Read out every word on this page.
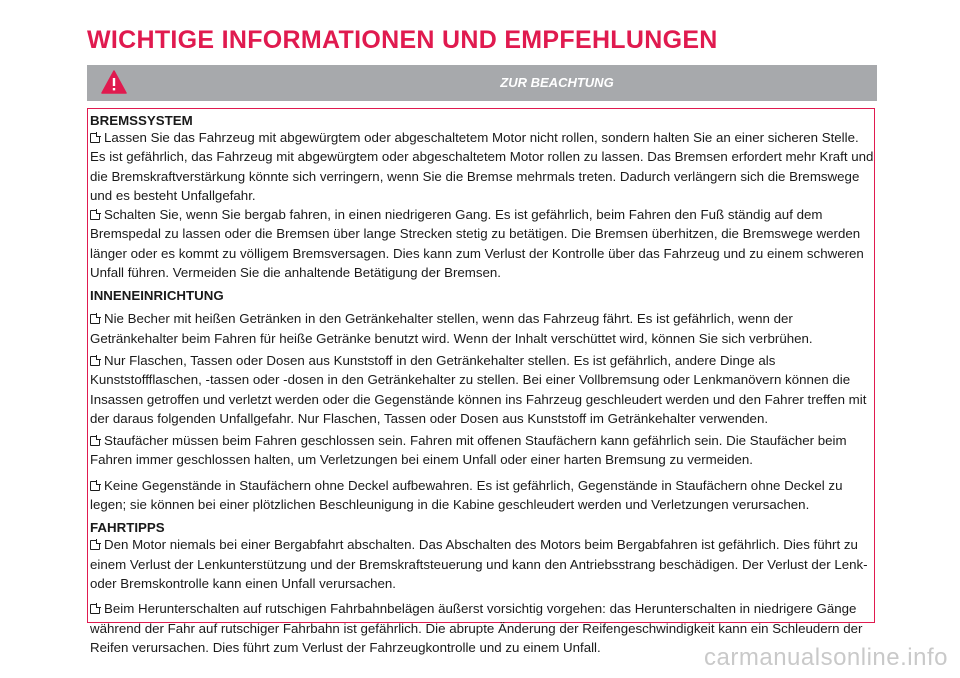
WICHTIGE INFORMATIONEN UND EMPFEHLUNGEN
ZUR BEACHTUNG
BREMSSYSTEM

Lassen Sie das Fahrzeug mit abgewürgtem oder abgeschaltetem Motor nicht rollen, sondern halten Sie an einer sicheren Stelle. Es ist gefährlich, das Fahrzeug mit abgewürgtem oder abgeschaltetem Motor rollen zu lassen. Das Bremsen erfordert mehr Kraft und die Bremskraftverstärkung könnte sich verringern, wenn Sie die Bremse mehrmals treten. Dadurch verlängern sich die Bremswege und es besteht Unfallgefahr.

Schalten Sie, wenn Sie bergab fahren, in einen niedrigeren Gang. Es ist gefährlich, beim Fahren den Fuß ständig auf dem Bremspedal zu lassen oder die Bremsen über lange Strecken stetig zu betätigen. Die Bremsen überhitzen, die Bremswege werden länger oder es kommt zu völligem Bremsversagen. Dies kann zum Verlust der Kontrolle über das Fahrzeug und zu einem schweren Unfall führen. Vermeiden Sie die anhaltende Betätigung der Bremsen.

INNENEINRICHTUNG

Nie Becher mit heißen Getränken in den Getränkehalter stellen, wenn das Fahrzeug fährt. Es ist gefährlich, wenn der Getränkehalter beim Fahren für heiße Getränke benutzt wird. Wenn der Inhalt verschüttet wird, können Sie sich verbrühen.

Nur Flaschen, Tassen oder Dosen aus Kunststoff in den Getränkehalter stellen. Es ist gefährlich, andere Dinge als Kunststoffflaschen, -tassen oder -dosen in den Getränkehalter zu stellen. Bei einer Vollbremsung oder Lenkmanövern können die Insassen getroffen und verletzt werden oder die Gegenstände können ins Fahrzeug geschleudert werden und den Fahrer treffen mit der daraus folgenden Unfallgefahr. Nur Flaschen, Tassen oder Dosen aus Kunststoff im Getränkehalter verwenden.

Staufächer müssen beim Fahren geschlossen sein. Fahren mit offenen Staufächern kann gefährlich sein. Die Staufächer beim Fahren immer geschlossen halten, um Verletzungen bei einem Unfall oder einer harten Bremsung zu vermeiden.

Keine Gegenstände in Staufächern ohne Deckel aufbewahren. Es ist gefährlich, Gegenstände in Staufächern ohne Deckel zu legen; sie können bei einer plötzlichen Beschleunigung in die Kabine geschleudert werden und Verletzungen verursachen.

FAHRTIPPS

Den Motor niemals bei einer Bergabfahrt abschalten. Das Abschalten des Motors beim Bergabfahren ist gefährlich. Dies führt zu einem Verlust der Lenkunterstützung und der Bremskraftsteuerung und kann den Antriebsstrang beschädigen. Der Verlust der Lenk- oder Bremskontrolle kann einen Unfall verursachen.

Beim Herunterschalten auf rutschigen Fahrbahnbelägen äußerst vorsichtig vorgehen: das Herunterschalten in niedrigere Gänge während der Fahr auf rutschiger Fahrbahn ist gefährlich. Die abrupte Änderung der Reifengeschwindigkeit kann ein Schleudern der Reifen verursachen. Dies führt zum Verlust der Fahrzeugkontrolle und zu einem Unfall.	carmanualsonline.info
